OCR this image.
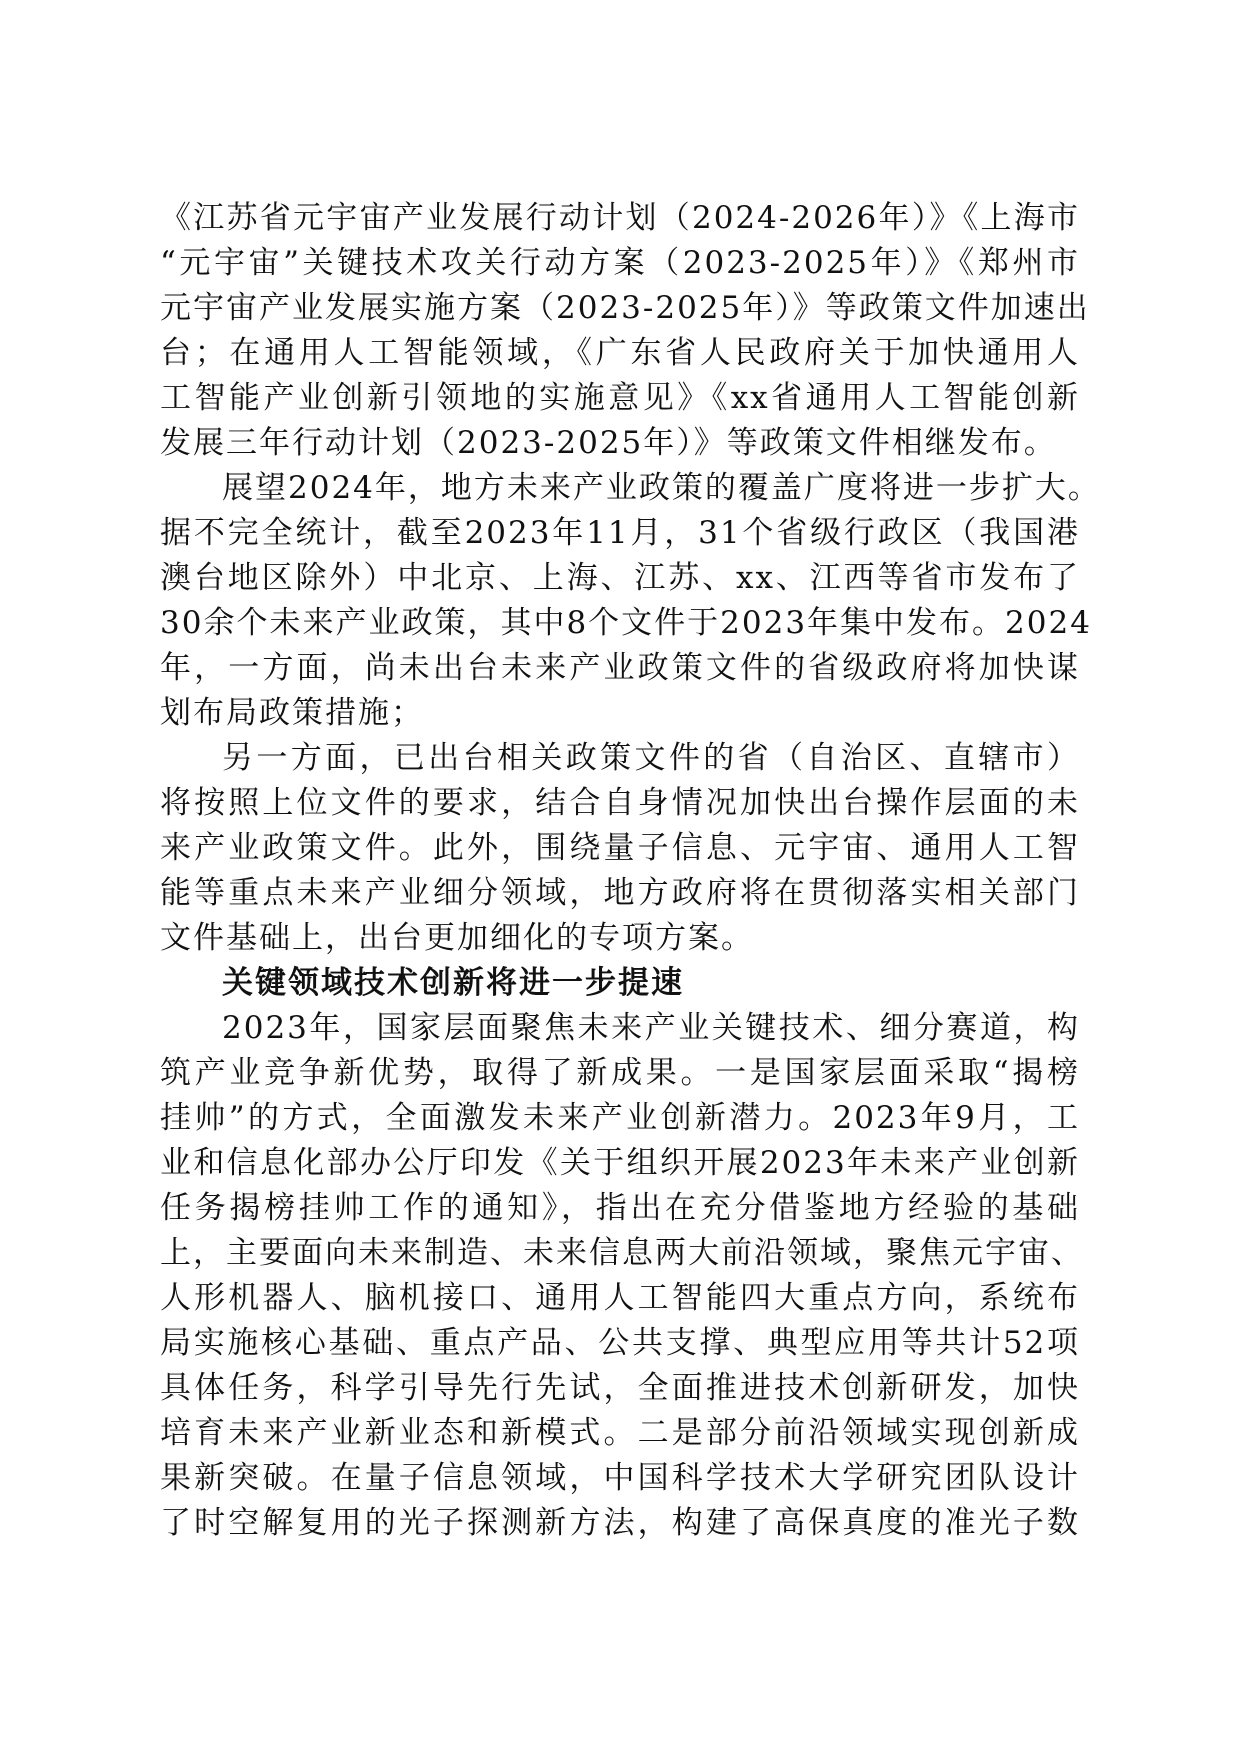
《江苏省元宇宙产业发展行动计划（2024-2026年）》《上海市
“元宇宙”关键技术攻关行动方案（2023-2025年）》《郑州市
元宇宙产业发展实施方案（2023-2025年）》等政策文件加速出
台；在通用人工智能领域，《广东省人民政府关于加快通用人
工智能产业创新引领地的实施意见》《xx省通用人工智能创新
发展三年行动计划（2023-2025年）》等政策文件相继发布。
展望2024年，地方未来产业政策的覆盖广度将进一步扩大。
据不完全统计，截至2023年11月，31个省级行政区（我国港
澳台地区除外）中北京、上海、江苏、xx、江西等省市发布了
30余个未来产业政策，其中8个文件于2023年集中发布。2024
年，一方面，尚未出台未来产业政策文件的省级政府将加快谋
划布局政策措施；
另一方面，已出台相关政策文件的省（自治区、直辖市）
将按照上位文件的要求，结合自身情况加快出台操作层面的未
来产业政策文件。此外，围绕量子信息、元宇宙、通用人工智
能等重点未来产业细分领域，地方政府将在贯彻落实相关部门
文件基础上，出台更加细化的专项方案。
关键领域技术创新将进一步提速
2023年，国家层面聚焦未来产业关键技术、细分赛道，构
筑产业竞争新优势，取得了新成果。一是国家层面采取“揭榜
挂帅”的方式，全面激发未来产业创新潜力。2023年9月，工
业和信息化部办公厅印发《关于组织开展2023年未来产业创新
任务揭榜挂帅工作的通知》，指出在充分借鉴地方经验的基础
上，主要面向未来制造、未来信息两大前沿领域，聚焦元宇宙、
人形机器人、脑机接口、通用人工智能四大重点方向，系统布
局实施核心基础、重点产品、公共支撑、典型应用等共计52项
具体任务，科学引导先行先试，全面推进技术创新研发，加快
培育未来产业新业态和新模式。二是部分前沿领域实现创新成
果新突破。在量子信息领域，中国科学技术大学研究团队设计
了时空解复用的光子探测新方法，构建了高保真度的准光子数
